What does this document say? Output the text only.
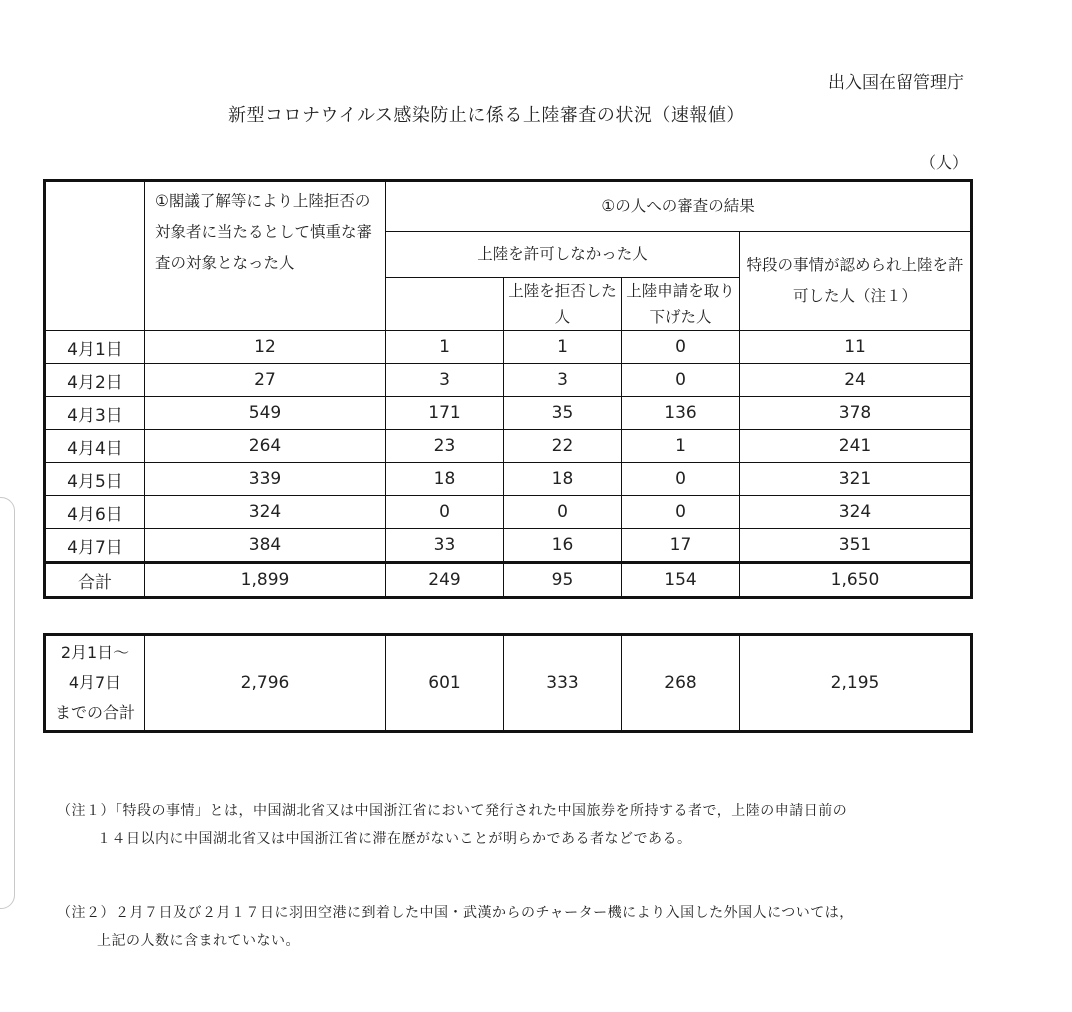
出入国在留管理庁
新型コロナウイルス感染防止に係る上陸審査の状況（速報値）
（人）

	①閣議了解等により上陸拒否の対象者に当たるとして慎重な審査の対象となった人	①の人への審査の結果			
		上陸を許可しなかった人			特段の事情が認められ上陸を許可した人（注１）

			上陸を拒否した人	上陸申請を取り下げた人	

4月1日	12	1	1	0	11
4月2日	27	3	3	0	24
4月3日	549	171	35	136	378
4月4日	264	23	22	1	241
4月5日	339	18	18	0	321
4月6日	324	0	0	0	324
4月7日	384	33	16	17	351
合計	1,899	249	95	154	1,650
2月1日～
4月7日
までの合計
	2,796	601	333	268	2,195
（注１）「特段の事情」とは，中国湖北省又は中国浙江省において発行された中国旅券を所持する者で，上陸の申請日前の
１４日以内に中国湖北省又は中国浙江省に滞在歴がないことが明らかである者などである。
（注２）２月７日及び２月１７日に羽田空港に到着した中国・武漢からのチャーター機により入国した外国人については，
上記の人数に含まれていない。
